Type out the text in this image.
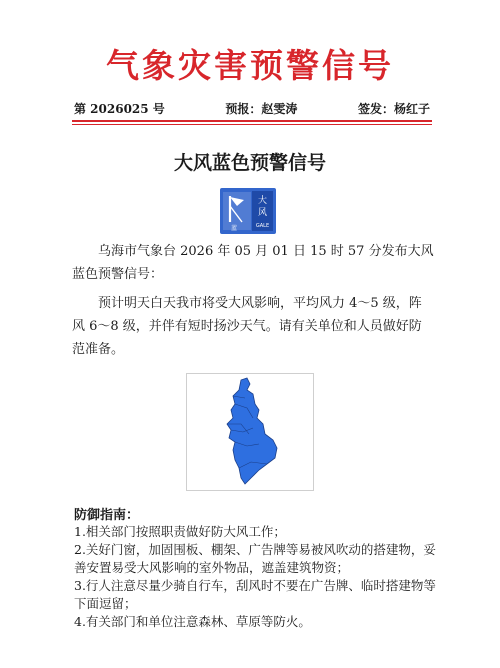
气象灾害预警信号
第 2026025 号	预报：赵雯涛	签发：杨红子
大风蓝色预警信号
大
风
蓝	GALE

乌海市气象台 2026 年 05 月 01 日 15 时 57 分发布大风蓝色预警信号：

预计明天白天我市将受大风影响，平均风力 4～5 级，阵风 6～8 级，并伴有短时扬沙天气。请有关单位和人员做好防范准备。

防御指南：

1.相关部门按照职责做好防大风工作；

2.关好门窗，加固围板、棚架、广告牌等易被风吹动的搭建物，妥善安置易受大风影响的室外物品，遮盖建筑物资；

3.行人注意尽量少骑自行车，刮风时不要在广告牌、临时搭建物等下面逗留；

4.有关部门和单位注意森林、草原等防火。
